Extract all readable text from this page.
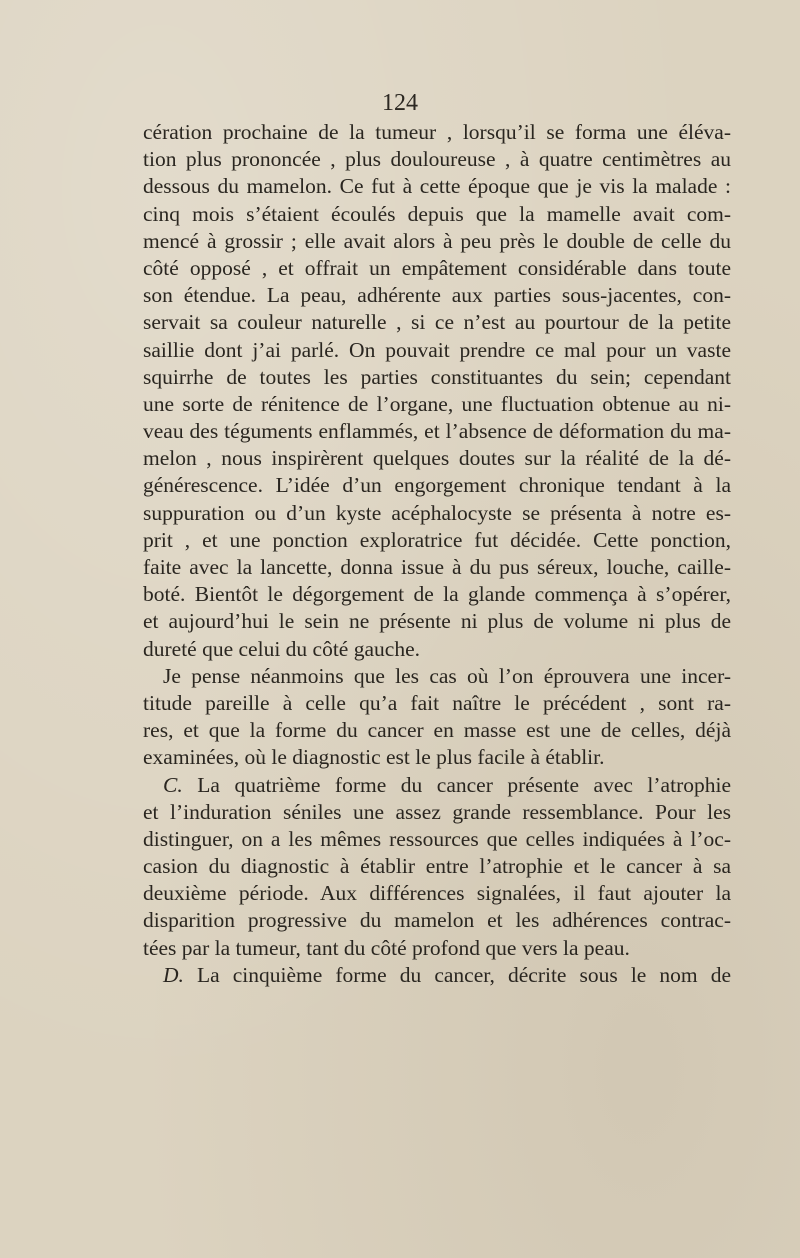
124
cération prochaine de la tumeur , lorsqu’il se forma une éléva-
tion plus prononcée , plus douloureuse , à quatre centimètres au
dessous du mamelon. Ce fut à cette époque que je vis la malade :
cinq mois s’étaient écoulés depuis que la mamelle avait com-
mencé à grossir ; elle avait alors à peu près le double de celle du
côté opposé , et offrait un empâtement considérable dans toute
son étendue. La peau, adhérente aux parties sous-jacentes, con-
servait sa couleur naturelle , si ce n’est au pourtour de la petite
saillie dont j’ai parlé. On pouvait prendre ce mal pour un vaste
squirrhe de toutes les parties constituantes du sein; cependant
une sorte de rénitence de l’organe, une fluctuation obtenue au ni-
veau des téguments enflammés, et l’absence de déformation du ma-
melon , nous inspirèrent quelques doutes sur la réalité de la dé-
générescence. L’idée d’un engorgement chronique tendant à la
suppuration ou d’un kyste acéphalocyste se présenta à notre es-
prit , et une ponction exploratrice fut décidée. Cette ponction,
faite avec la lancette, donna issue à du pus séreux, louche, caille-
boté. Bientôt le dégorgement de la glande commença à s’opérer,
et aujourd’hui le sein ne présente ni plus de volume ni plus de
dureté que celui du côté gauche.
Je pense néanmoins que les cas où l’on éprouvera une incer-
titude pareille à celle qu’a fait naître le précédent , sont ra-
res, et que la forme du cancer en masse est une de celles, déjà
examinées, où le diagnostic est le plus facile à établir.
C. La quatrième forme du cancer présente avec l’atrophie
et l’induration séniles une assez grande ressemblance. Pour les
distinguer, on a les mêmes ressources que celles indiquées à l’oc-
casion du diagnostic à établir entre l’atrophie et le cancer à sa
deuxième période. Aux différences signalées, il faut ajouter la
disparition progressive du mamelon et les adhérences contrac-
tées par la tumeur, tant du côté profond que vers la peau.
D. La cinquième forme du cancer, décrite sous le nom de
